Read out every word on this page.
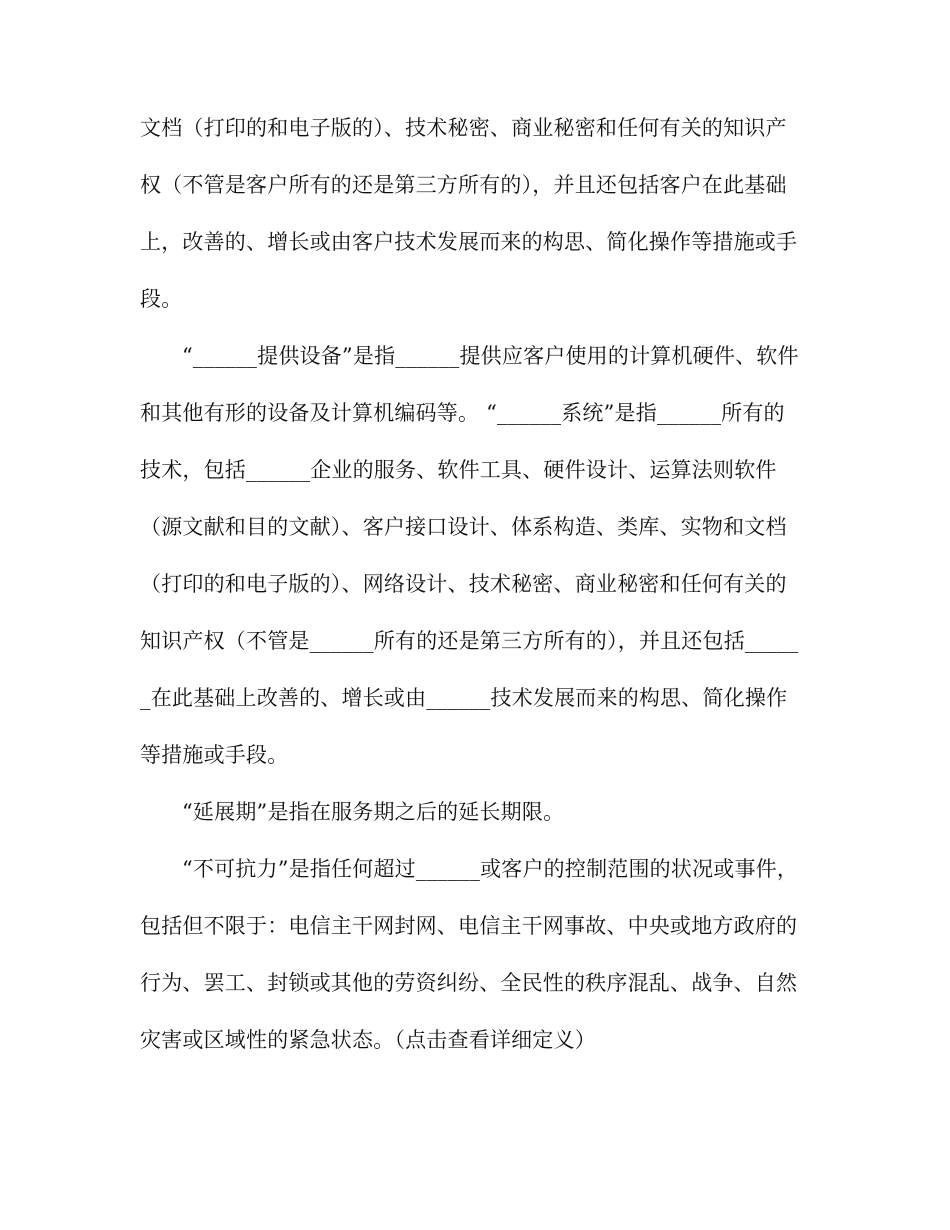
文档（打印的和电子版的）、技术秘密、商业秘密和任何有关的知识产权（不管是客户所有的还是第三方所有的），并且还包括客户在此基础上，改善的、增长或由客户技术发展而来的构思、简化操作等措施或手段。

“______提供设备”是指______提供应客户使用的计算机硬件、软件和其他有形的设备及计算机编码等。 “______系统”是指______所有的技术，包括______企业的服务、软件工具、硬件设计、运算法则软件（源文献和目的文献）、客户接口设计、体系构造、类库、实物和文档（打印的和电子版的）、网络设计、技术秘密、商业秘密和任何有关的知识产权（不管是______所有的还是第三方所有的），并且还包括______在此基础上改善的、增长或由______技术发展而来的构思、简化操作等措施或手段。

“延展期”是指在服务期之后的延长期限。

“不可抗力”是指任何超过______或客户的控制范围的状况或事件，包括但不限于：电信主干网封网、电信主干网事故、中央或地方政府的行为、罢工、封锁或其他的劳资纠纷、全民性的秩序混乱、战争、自然灾害或区域性的紧急状态。（点击查看详细定义）
